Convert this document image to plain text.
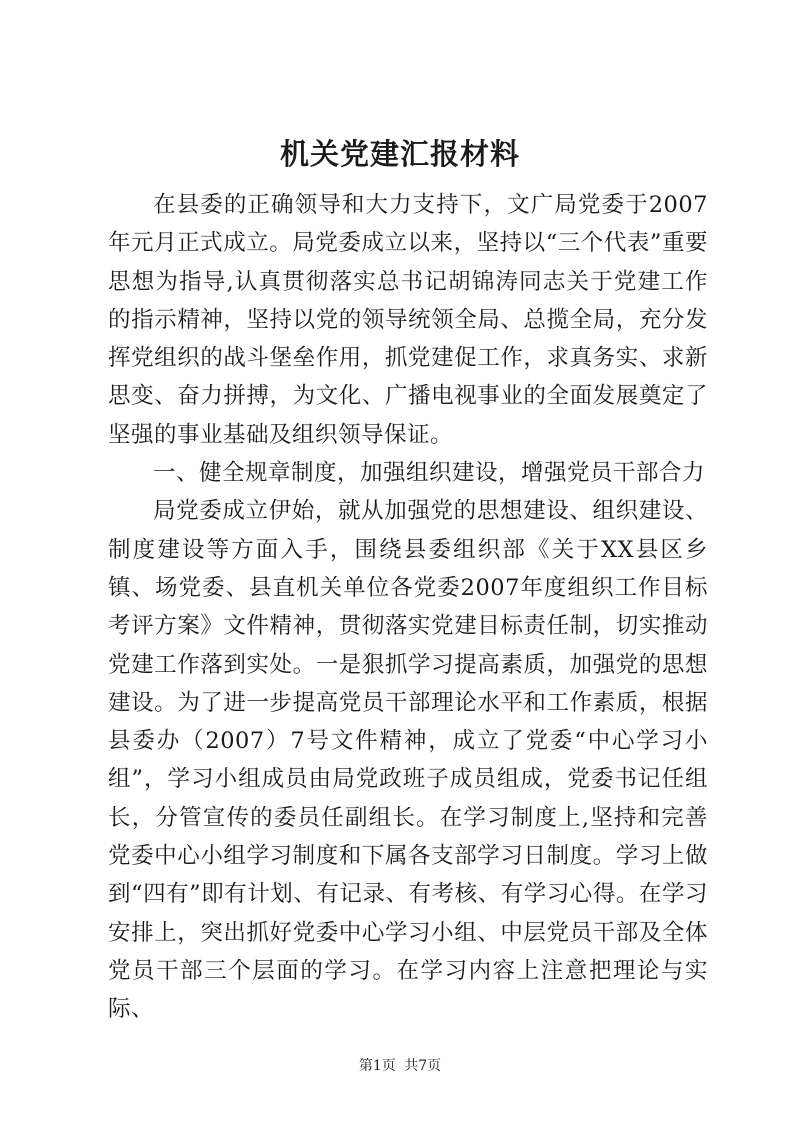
机关党建汇报材料

在县委的正确领导和大力支持下，文广局党委于2007年元月正式成立。局党委成立以来，坚持以“三个代表”重要思想为指导,认真贯彻落实总书记胡锦涛同志关于党建工作的指示精神，坚持以党的领导统领全局、总揽全局，充分发挥党组织的战斗堡垒作用，抓党建促工作，求真务实、求新思变、奋力拼搏，为文化、广播电视事业的全面发展奠定了坚强的事业基础及组织领导保证。

一、健全规章制度，加强组织建设，增强党员干部合力

局党委成立伊始，就从加强党的思想建设、组织建设、制度建设等方面入手，围绕县委组织部《关于XX县区乡镇、场党委、县直机关单位各党委2007年度组织工作目标考评方案》文件精神，贯彻落实党建目标责任制，切实推动党建工作落到实处。一是狠抓学习提高素质，加强党的思想建设。为了进一步提高党员干部理论水平和工作素质，根据县委办（2007）7号文件精神，成立了党委“中心学习小组”，学习小组成员由局党政班子成员组成，党委书记任组长，分管宣传的委员任副组长。在学习制度上,坚持和完善党委中心小组学习制度和下属各支部学习日制度。学习上做到“四有”即有计划、有记录、有考核、有学习心得。在学习安排上，突出抓好党委中心学习小组、中层党员干部及全体党员干部三个层面的学习。在学习内容上注意把理论与实际、

第1页 共7页
